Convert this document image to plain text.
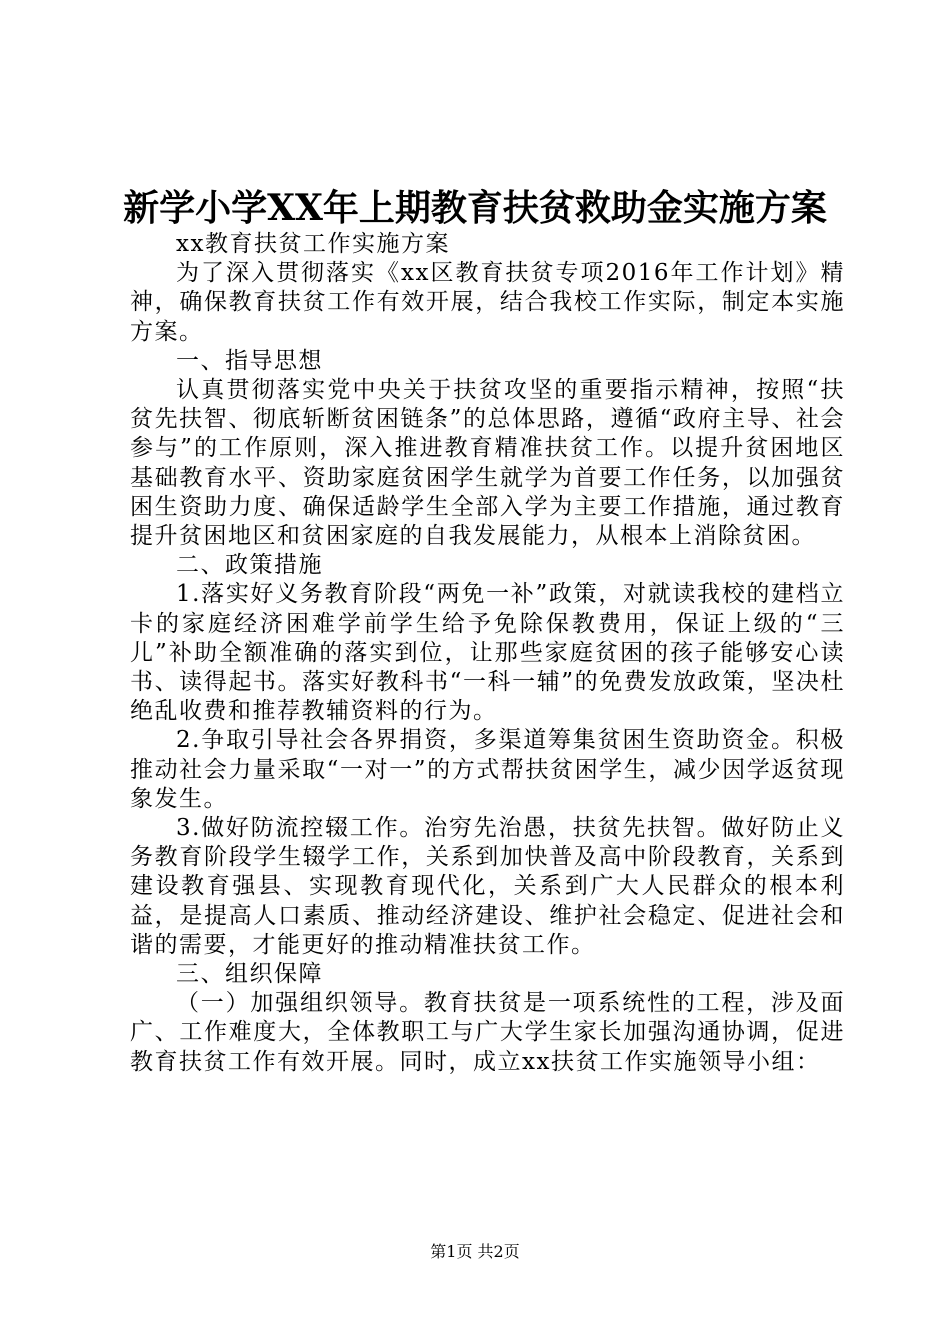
新学小学XX年上期教育扶贫救助金实施方案

xx教育扶贫工作实施方案

为了深入贯彻落实《xx区教育扶贫专项2016年工作计划》精神，确保教育扶贫工作有效开展，结合我校工作实际，制定本实施方案。

一、指导思想

认真贯彻落实党中央关于扶贫攻坚的重要指示精神，按照“扶贫先扶智、彻底斩断贫困链条”的总体思路，遵循“政府主导、社会参与”的工作原则，深入推进教育精准扶贫工作。以提升贫困地区基础教育水平、资助家庭贫困学生就学为首要工作任务，以加强贫困生资助力度、确保适龄学生全部入学为主要工作措施，通过教育提升贫困地区和贫困家庭的自我发展能力，从根本上消除贫困。

二、政策措施

1.落实好义务教育阶段“两免一补”政策，对就读我校的建档立卡的家庭经济困难学前学生给予免除保教费用，保证上级的“三儿”补助全额准确的落实到位，让那些家庭贫困的孩子能够安心读书、读得起书。落实好教科书“一科一辅”的免费发放政策，坚决杜绝乱收费和推荐教辅资料的行为。

2.争取引导社会各界捐资，多渠道筹集贫困生资助资金。积极推动社会力量采取“一对一”的方式帮扶贫困学生，减少因学返贫现象发生。

3.做好防流控辍工作。治穷先治愚，扶贫先扶智。做好防止义务教育阶段学生辍学工作，关系到加快普及高中阶段教育，关系到建设教育强县、实现教育现代化，关系到广大人民群众的根本利益，是提高人口素质、推动经济建设、维护社会稳定、促进社会和谐的需要，才能更好的推动精准扶贫工作。

三、组织保障

（一）加强组织领导。教育扶贫是一项系统性的工程，涉及面广、工作难度大，全体教职工与广大学生家长加强沟通协调，促进教育扶贫工作有效开展。同时，成立xx扶贫工作实施领导小组：

第1页 共2页
